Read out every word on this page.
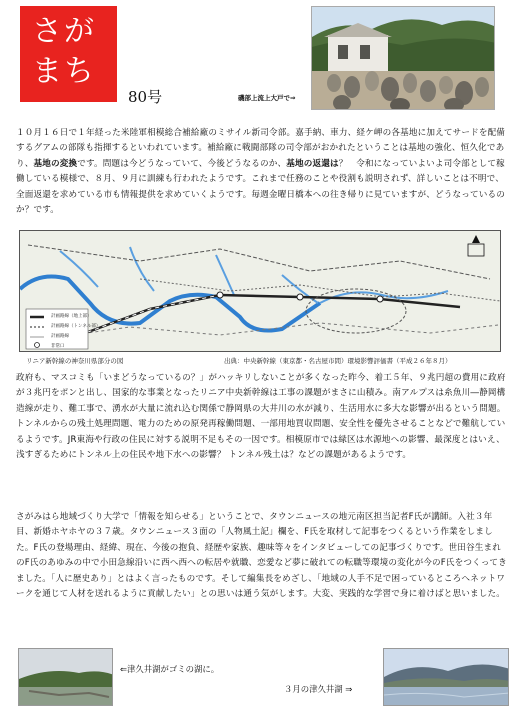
さが
まち
80号	磯部上流上大戸で⇒

１０月１６日で１年経った米陸軍相模総合補給廠のミサイル新司令部。嘉手納、車力、経ケ岬の各基地に加えてサードを配備するグアムの部隊も指揮するといわれています。補給廠に戦闘部隊の司令部がおかれたということは基地の強化、恒久化であり、基地の変換です。問題は今どうなっていて、今後どうなるのか、基地の返還は？　令和になっていよいよ司令部として稼働している模様で、８月、９月に訓練も行われたようです。これまで任務のことや役割も説明されず、詳しいことは不明で、全面返還を求めている市も情報提供を求めていくようです。毎週金曜日橋本への往き帰りに見ていますが、どうなっているのか？です。

計画路線（地上部）
計画路線（トンネル部）
計画路線
非常口
リニア新幹線の神奈川県部分の図	出典：中央新幹線（東京都・名古屋市間）環境影響評価書（平成２６年８月）

政府も、マスコミも「いまどうなっているの？」がハッキリしないことが多くなった昨今、着工５年、９兆円超の費用に政府が３兆円をポンと出し、国家的な事業となったリニア中央新幹線は工事の課題がまさに山積み。南アルプスは糸魚川―静岡構造線が走り、難工事で、湧水が大量に流れ込む関係で静岡県の大井川の水が減り、生活用水に多大な影響が出るという問題。トンネルからの残土処理問題、電力のための原発再稼働問題、一部用地買収問題、安全性を優先させることなどで難航しているようです。JR東海や行政の住民に対する説明不足もその一因です。相模原市では緑区は水源地への影響、最深度とはいえ、浅すぎるためにトンネル上の住民や地下水への影響？ トンネル残土は？などの課題があるようです。

さがみはら地域づくり大学で「情報を知らせる」ということで、タウンニュースの地元南区担当記者F氏が講師。入社３年目、新婚ホヤホヤの３７歳。タウンニュース３面の「人物風土記」欄を、F氏を取材して記事をつくるという作業をしました。F氏の登場理由、経緯、現在、今後の抱負、経歴や家族、趣味等々をインタビューしての記事づくりです。世田谷生まれのF氏のあゆみの中で小田急線沿いに西へ西への転居や就職、恋愛など夢に破れての転職等環境の変化が今のF氏をつくってきました。「人に歴史あり」とはよく言ったものです。そして編集長をめざし、「地域の人手不足で困っているところへネットワークを通じて人材を送れるように貢献したい」との思いは通う気がします。大変、実践的な学習で身に着けばと思いました。

⇐津久井湖がゴミの湖に。
３月の津久井湖 ⇒
